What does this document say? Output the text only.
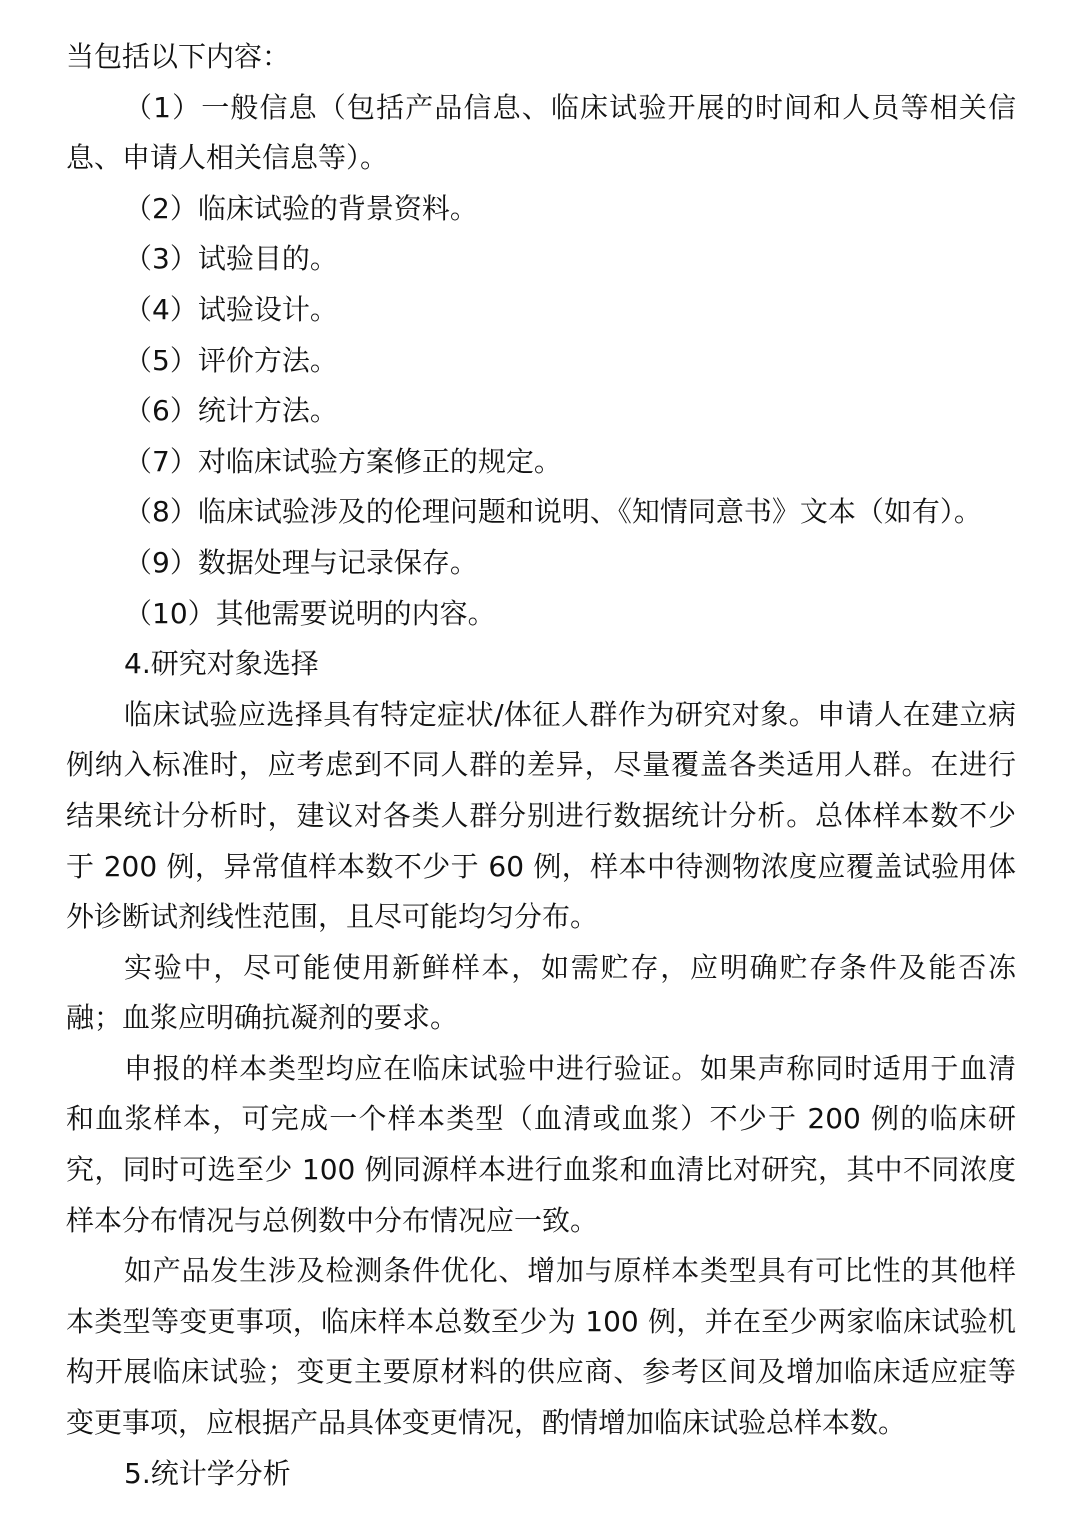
当包括以下内容：

（1）一般信息（包括产品信息、临床试验开展的时间和人员等相关信息、申请人相关信息等）。

（2）临床试验的背景资料。

（3）试验目的。

（4）试验设计。

（5）评价方法。

（6）统计方法。

（7）对临床试验方案修正的规定。

（8）临床试验涉及的伦理问题和说明、《知情同意书》文本（如有）。

（9）数据处理与记录保存。

（10）其他需要说明的内容。

4.研究对象选择

临床试验应选择具有特定症状/体征人群作为研究对象。申请人在建立病例纳入标准时，应考虑到不同人群的差异，尽量覆盖各类适用人群。在进行结果统计分析时，建议对各类人群分别进行数据统计分析。总体样本数不少于 200 例，异常值样本数不少于 60 例，样本中待测物浓度应覆盖试验用体外诊断试剂线性范围，且尽可能均匀分布。

实验中，尽可能使用新鲜样本，如需贮存，应明确贮存条件及能否冻融；血浆应明确抗凝剂的要求。

申报的样本类型均应在临床试验中进行验证。如果声称同时适用于血清和血浆样本，可完成一个样本类型（血清或血浆）不少于 200 例的临床研究，同时可选至少 100 例同源样本进行血浆和血清比对研究，其中不同浓度样本分布情况与总例数中分布情况应一致。

如产品发生涉及检测条件优化、增加与原样本类型具有可比性的其他样本类型等变更事项，临床样本总数至少为 100 例，并在至少两家临床试验机构开展临床试验；变更主要原材料的供应商、参考区间及增加临床适应症等变更事项，应根据产品具体变更情况，酌情增加临床试验总样本数。

5.统计学分析
